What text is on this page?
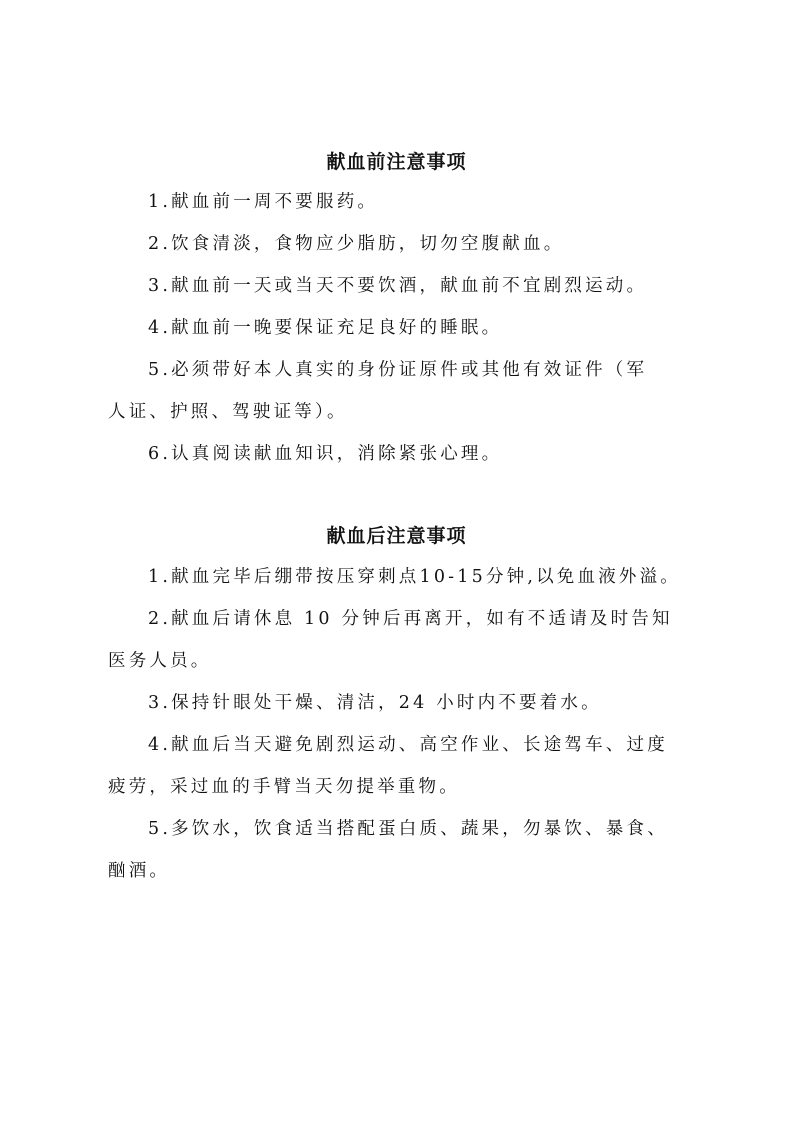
献血前注意事项
1.献血前一周不要服药。
2.饮食清淡，食物应少脂肪，切勿空腹献血。
3.献血前一天或当天不要饮酒，献血前不宜剧烈运动。
4.献血前一晚要保证充足良好的睡眠。
5.必须带好本人真实的身份证原件或其他有效证件（军
人证、护照、驾驶证等）。
6.认真阅读献血知识，消除紧张心理。
献血后注意事项
1.献血完毕后绷带按压穿刺点10-15分钟,以免血液外溢。
2.献血后请休息 10 分钟后再离开，如有不适请及时告知
医务人员。
3.保持针眼处干燥、清洁，24 小时内不要着水。
4.献血后当天避免剧烈运动、高空作业、长途驾车、过度
疲劳，采过血的手臂当天勿提举重物。
5.多饮水，饮食适当搭配蛋白质、蔬果，勿暴饮、暴食、
酗酒。
